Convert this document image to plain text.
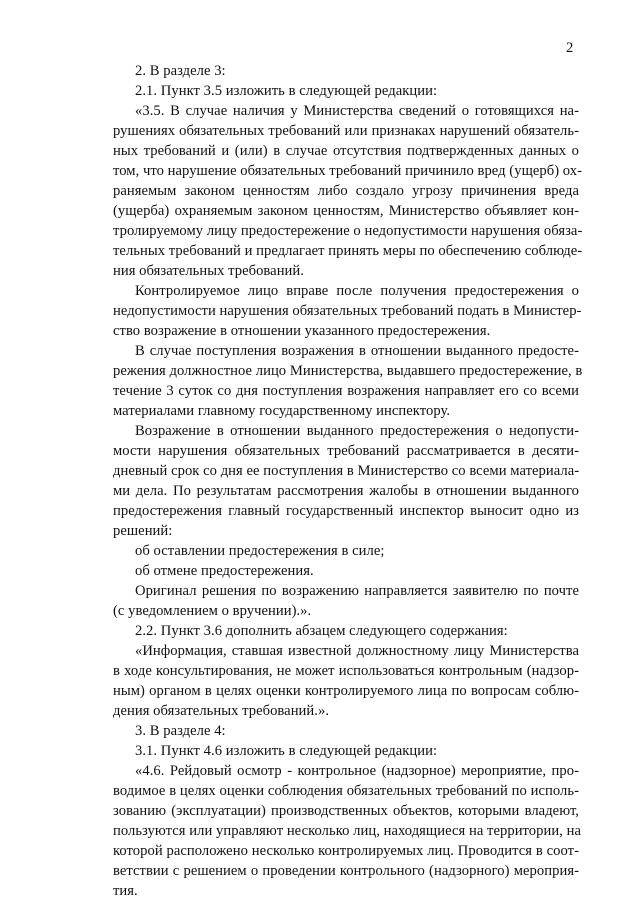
2
2. В разделе 3:
2.1. Пункт 3.5 изложить в следующей редакции:
«3.5. В случае наличия у Министерства сведений о готовящихся на-
рушениях обязательных требований или признаках нарушений обязатель-
ных требований и (или) в случае отсутствия подтвержденных данных о
том, что нарушение обязательных требований причинило вред (ущерб) ох-
раняемым законом ценностям либо создало угрозу причинения вреда
(ущерба) охраняемым законом ценностям, Министерство объявляет кон-
тролируемому лицу предостережение о недопустимости нарушения обяза-
тельных требований и предлагает принять меры по обеспечению соблюде-
ния обязательных требований.
Контролируемое лицо вправе после получения предостережения о
недопустимости нарушения обязательных требований подать в Министер-
ство возражение в отношении указанного предостережения.
В случае поступления возражения в отношении выданного предосте-
режения должностное лицо Министерства, выдавшего предостережение, в
течение 3 суток со дня поступления возражения направляет его со всеми
материалами главному государственному инспектору.
Возражение в отношении выданного предостережения о недопусти-
мости нарушения обязательных требований рассматривается в десяти-
дневный срок со дня ее поступления в Министерство со всеми материала-
ми дела. По результатам рассмотрения жалобы в отношении выданного
предостережения главный государственный инспектор выносит одно из
решений:
об оставлении предостережения в силе;
об отмене предостережения.
Оригинал решения по возражению направляется заявителю по почте
(с уведомлением о вручении).».
2.2. Пункт 3.6 дополнить абзацем следующего содержания:
«Информация, ставшая известной должностному лицу Министерства
в ходе консультирования, не может использоваться контрольным (надзор-
ным) органом в целях оценки контролируемого лица по вопросам соблю-
дения обязательных требований.».
3. В разделе 4:
3.1. Пункт 4.6 изложить в следующей редакции:
«4.6. Рейдовый осмотр - контрольное (надзорное) мероприятие, про-
водимое в целях оценки соблюдения обязательных требований по исполь-
зованию (эксплуатации) производственных объектов, которыми владеют,
пользуются или управляют несколько лиц, находящиеся на территории, на
которой расположено несколько контролируемых лиц. Проводится в соот-
ветствии с решением о проведении контрольного (надзорного) мероприя-
тия.
